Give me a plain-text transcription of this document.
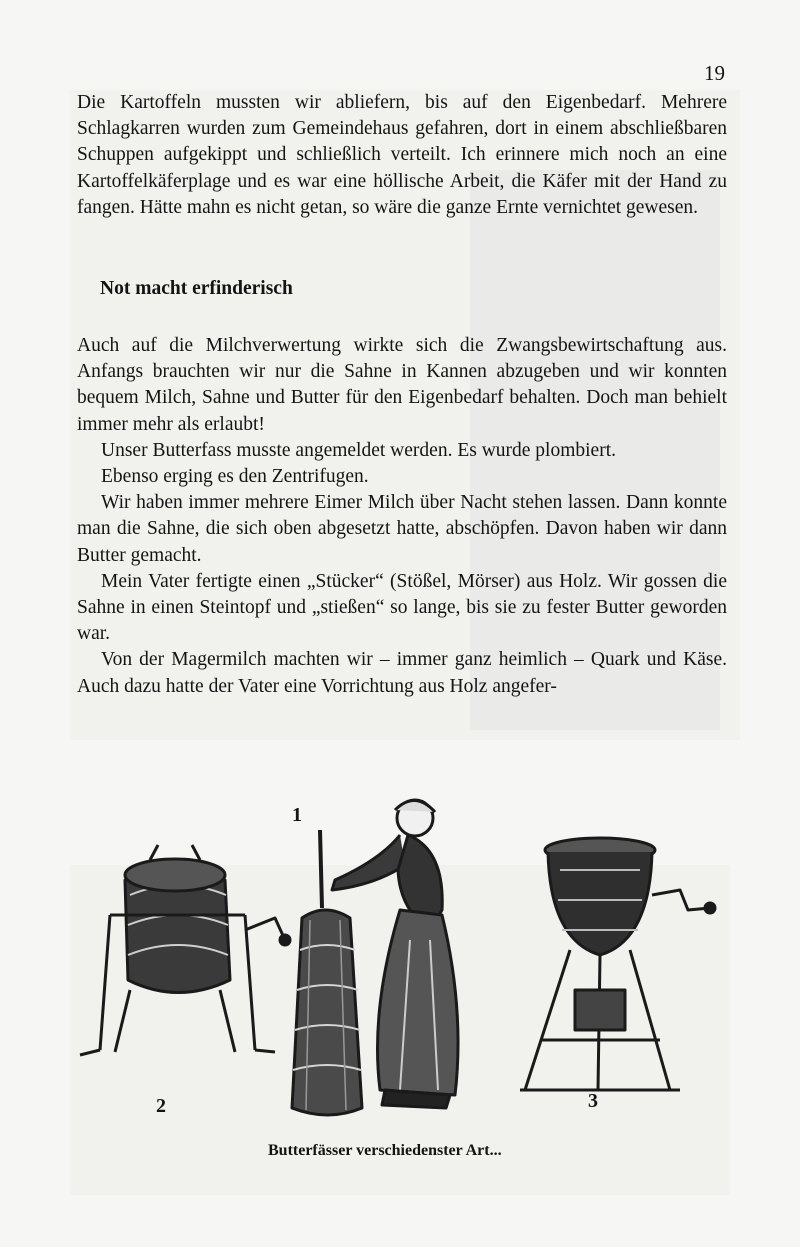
19

Die Kartoffeln mussten wir abliefern, bis auf den Eigenbedarf. Mehrere Schlagkarren wurden zum Gemeindehaus gefahren, dort in einem abschließbaren Schuppen aufgekippt und schließlich verteilt. Ich erinnere mich noch an eine Kartoffelkäferplage und es war eine höllische Arbeit, die Käfer mit der Hand zu fangen. Hätte mahn es nicht getan, so wäre die ganze Ernte vernichtet gewesen.

Not macht erfinderisch

Auch auf die Milchverwertung wirkte sich die Zwangsbewirtschaftung aus. Anfangs brauchten wir nur die Sahne in Kannen abzugeben und wir konnten bequem Milch, Sahne und Butter für den Eigenbedarf behalten. Doch man behielt immer mehr als erlaubt!

Unser Butterfass musste angemeldet werden. Es wurde plombiert.

Ebenso erging es den Zentrifugen.

Wir haben immer mehrere Eimer Milch über Nacht stehen lassen. Dann konnte man die Sahne, die sich oben abgesetzt hatte, abschöpfen. Davon haben wir dann Butter gemacht.

Mein Vater fertigte einen „Stücker“ (Stößel, Mörser) aus Holz. Wir gossen die Sahne in einen Steintopf und „stießen“ so lange, bis sie zu fester Butter geworden war.

Von der Magermilch machten wir – immer ganz heimlich – Quark und Käse. Auch dazu hatte der Vater eine Vorrichtung aus Holz angefer-

2
1
3
Butterfässer verschiedenster Art...
